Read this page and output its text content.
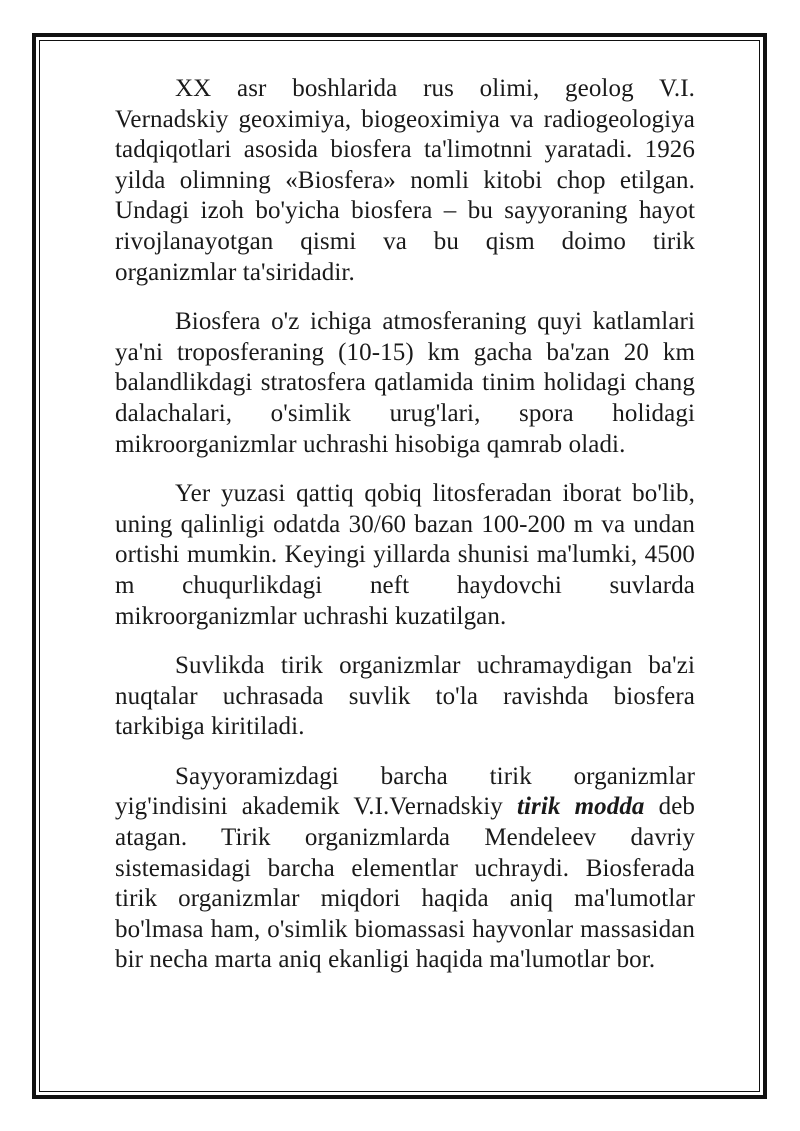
XX asr boshlarida rus olimi, geolog V.I. Vernadskiy geoximiya, biogeoximiya va radiogeologiya tadqiqotlari asosida biosfera ta'limotnni yaratadi. 1926 yilda olimning «Biosfera» nomli kitobi chop etilgan. Undagi izoh bo'yicha biosfera – bu sayyoraning hayot rivojlanayotgan qismi va bu qism doimo tirik organizmlar ta'siridadir.

Biosfera o'z ichiga atmosferaning quyi katlamlari ya'ni troposferaning (10-15) km gacha ba'zan 20 km balandlikdagi stratosfera qatlamida tinim holidagi chang dalachalari, o'simlik urug'lari, spora holidagi mikroorganizmlar uchrashi hisobiga qamrab oladi.

Yer yuzasi qattiq qobiq litosferadan iborat bo'lib, uning qalinligi odatda 30/60 bazan 100-200 m va undan ortishi mumkin. Keyingi yillarda shunisi ma'lumki, 4500 m chuqurlikdagi neft haydovchi suvlarda mikroorganizmlar uchrashi kuzatilgan.

Suvlikda tirik organizmlar uchramaydigan ba'zi nuqtalar uchrasada suvlik to'la ravishda biosfera tarkibiga kiritiladi.

Sayyoramizdagi barcha tirik organizmlar yig'indisini akademik V.I.Vernadskiy tirik modda deb atagan. Tirik organizmlarda Mendeleev davriy sistemasidagi barcha elementlar uchraydi. Biosferada tirik organizmlar miqdori haqida aniq ma'lumotlar bo'lmasa ham, o'simlik biomassasi hayvonlar massasidan bir necha marta aniq ekanligi haqida ma'lumotlar bor.
